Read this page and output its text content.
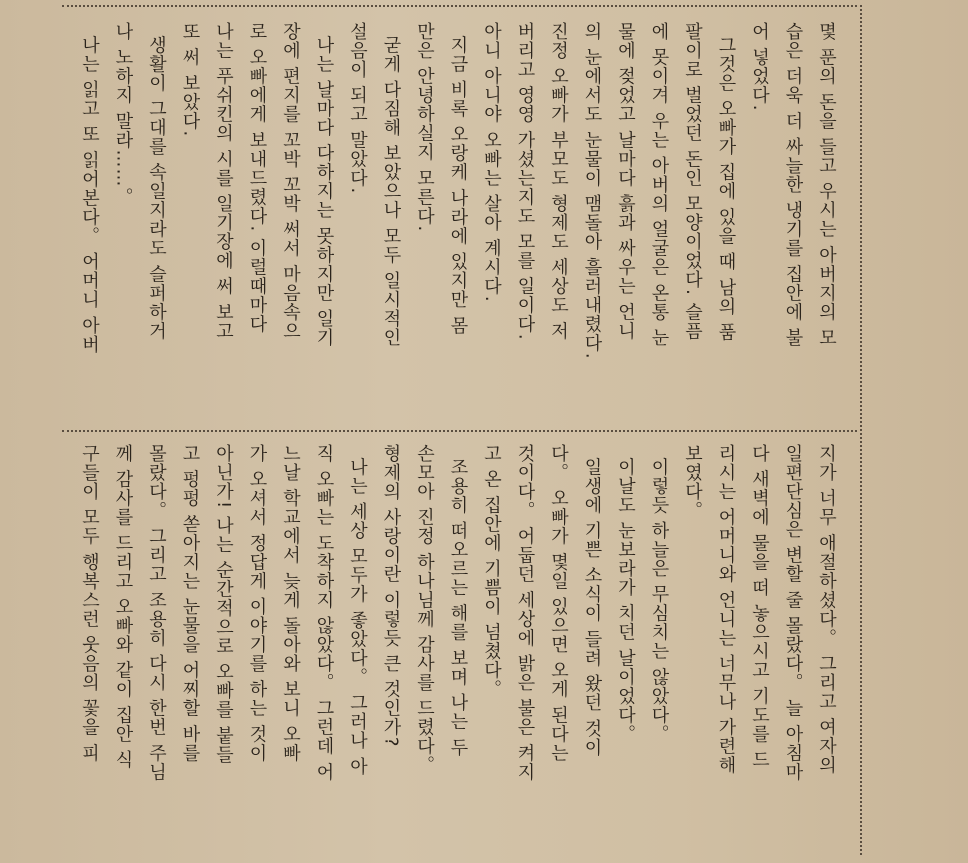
몇 푼의 돈을 들고 우시는 아버지의 모

습은 더욱 더 싸늘한 냉기를 집안에 불

어 넣었다.

그것은 오빠가 집에 있을 때 남의 품

팔이로 벌었던 돈인 모양이었다. 슬픔

에 못이겨 우는 아버의 얼굴은 온통 눈

물에 젖었고 날마다 흙과 싸우는 언니

의 눈에서도 눈물이 맴돌아 흘러내렸다.

진정 오빠가 부모도 형제도 세상도 저

버리고 영영 가셨는지도 모를 일이다.

아니 아니야 오빠는 살아 계시다.

지금 비록 오랑케 나라에 있지만 몸

만은 안녕하실지 모른다.

굳게 다짐해 보았으나 모두 일시적인

설음이 되고 말았다.

나는 날마다 다하지는 못하지만 일기

장에 편지를 꼬박 꼬박 써서 마음속으

로 오빠에게 보내드렸다. 이럴때마다

나는 푸쉬킨의 시를 일기장에 써 보고

또 써 보았다.

생활이 그대를 속일지라도 슬퍼하거

나 노하지 말라……。

나는 읽고 또 읽어본다。 어머니 아버

지가 너무 애절하셨다。 그리고 여자의

일편단심은 변할 줄 몰랐다。 늘 아침마

다 새벽에 물을 떠 놓으시고 기도를 드

리시는 어머니와 언니는 너무나 가련해

보였다。

이렇듯 하늘은 무심치는 않았다。

이날도 눈보라가 치던 날이었다。

일생에 기쁜 소식이 들려 왔던 것이

다。 오빠가 몇일 있으면 오게 된다는

것이다。 어둡던 세상에 밝은 불은 켜지

고 온 집안에 기쁨이 넘쳤다。

조용히 떠오르는 해를 보며 나는 두

손모아 진정 하나님께 감사를 드렸다。

형제의 사랑이란 이렇듯 큰 것인가?

나는 세상 모두가 좋았다。 그러나 아

직 오빠는 도착하지 않았다。 그런데 어

느날 학교에서 늦게 돌아와 보니 오빠

가 오셔서 정답게 이야기를 하는 것이

아닌가! 나는 순간적으로 오빠를 붙들

고 펑펑 쏟아지는 눈물을 어찌할 바를

몰랐다。 그리고 조용히 다시 한번 주님

께 감사를 드리고 오빠와 같이 집안 식

구들이 모두 행복스런 웃음의 꽃을 피
